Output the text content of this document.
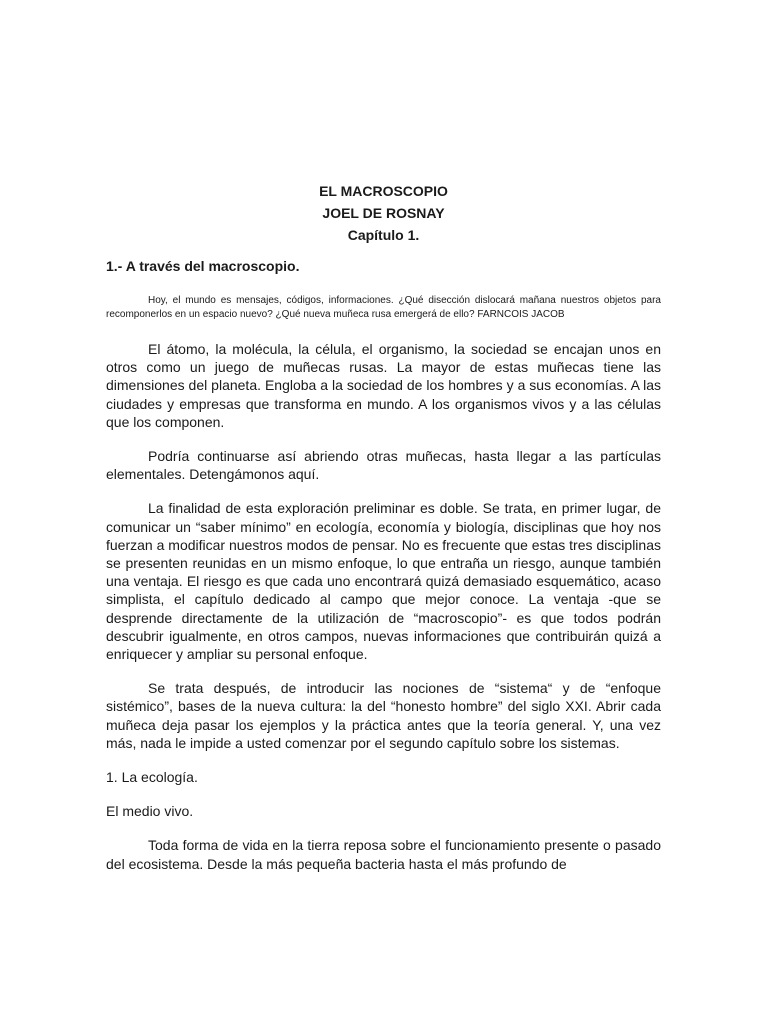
EL MACROSCOPIO
JOEL DE ROSNAY
Capítulo 1.

1.- A través del macroscopio.

Hoy, el mundo es mensajes, códigos, informaciones. ¿Qué disección dislocará mañana nuestros objetos para recomponerlos en un espacio nuevo? ¿Qué nueva muñeca rusa emergerá de ello? FARNCOIS JACOB

El átomo, la molécula, la célula, el organismo, la sociedad se encajan unos en otros como un juego de muñecas rusas. La mayor de estas muñecas tiene las dimensiones del planeta. Engloba a la sociedad de los hombres y a sus economías. A las ciudades y empresas que transforma en mundo. A los organismos vivos y a las células que los componen.

Podría continuarse así abriendo otras muñecas, hasta llegar a las partículas elementales. Detengámonos aquí.

La finalidad de esta exploración preliminar es doble. Se trata, en primer lugar, de comunicar un “saber mínimo” en ecología, economía y biología, disciplinas que hoy nos fuerzan a modificar nuestros modos de pensar. No es frecuente que estas tres disciplinas se presenten reunidas en un mismo enfoque, lo que entraña un riesgo, aunque también una ventaja. El riesgo es que cada uno encontrará quizá demasiado esquemático, acaso simplista, el capítulo dedicado al campo que mejor conoce. La ventaja -que se desprende directamente de la utilización de “macroscopio”- es que todos podrán descubrir igualmente, en otros campos, nuevas informaciones que contribuirán quizá a enriquecer y ampliar su personal enfoque.

Se trata después, de introducir las nociones de “sistema“ y de “enfoque sistémico”, bases de la nueva cultura: la del “honesto hombre” del siglo XXI. Abrir cada muñeca deja pasar los ejemplos y la práctica antes que la teoría general. Y, una vez más, nada le impide a usted comenzar por el segundo capítulo sobre los sistemas.

1. La ecología.

El medio vivo.

Toda forma de vida en la tierra reposa sobre el funcionamiento presente o pasado del ecosistema. Desde la más pequeña bacteria hasta el más profundo de
